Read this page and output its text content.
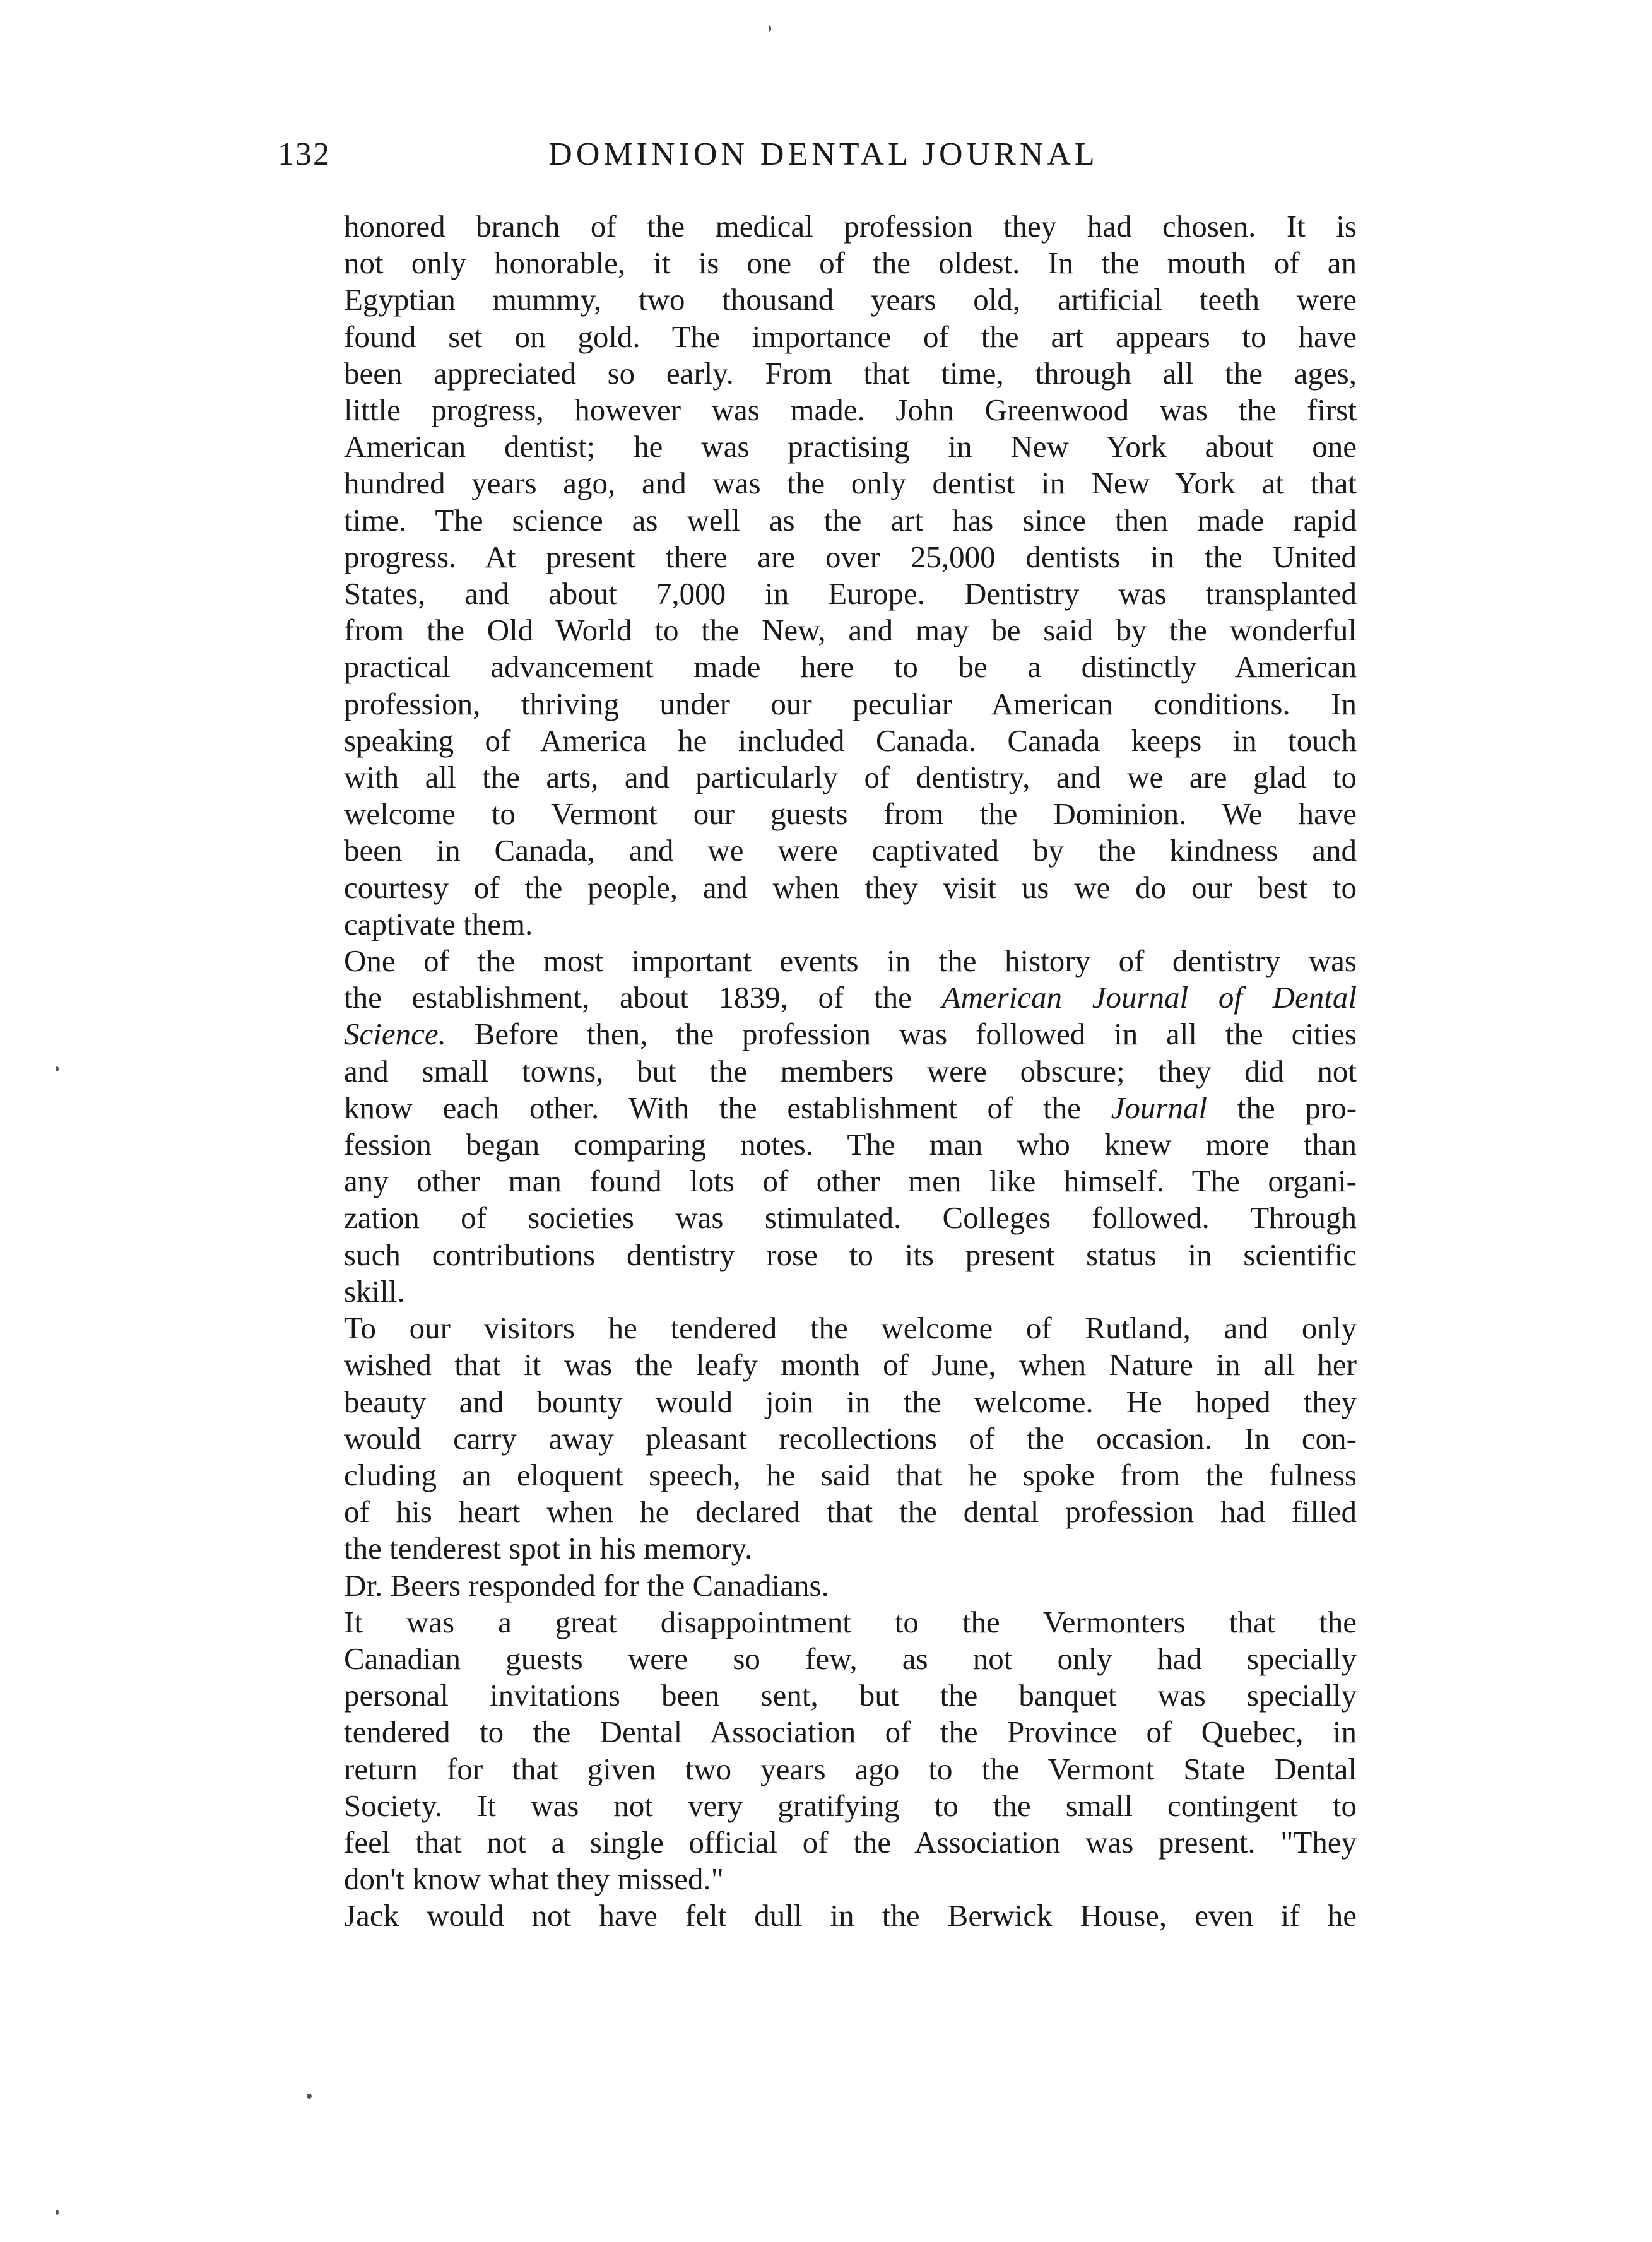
132	DOMINION DENTAL JOURNAL
honored branch of the medical profession they had chosen. It is
not only honorable, it is one of the oldest. In the mouth of an
Egyptian mummy, two thousand years old, artificial teeth were
found set on gold. The importance of the art appears to have
been appreciated so early. From that time, through all the ages,
little progress, however was made. John Greenwood was the first
American dentist; he was practising in New York about one
hundred years ago, and was the only dentist in New York at that
time. The science as well as the art has since then made rapid
progress. At present there are over 25,000 dentists in the United
States, and about 7,000 in Europe. Dentistry was transplanted
from the Old World to the New, and may be said by the wonderful
practical advancement made here to be a distinctly American
profession, thriving under our peculiar American conditions. In
speaking of America he included Canada. Canada keeps in touch
with all the arts, and particularly of dentistry, and we are glad to
welcome to Vermont our guests from the Dominion. We have
been in Canada, and we were captivated by the kindness and
courtesy of the people, and when they visit us we do our best to
captivate them.
One of the most important events in the history of dentistry was
the establishment, about 1839, of the American Journal of Dental
Science. Before then, the profession was followed in all the cities
and small towns, but the members were obscure; they did not
know each other. With the establishment of the Journal the pro-
fession began comparing notes. The man who knew more than
any other man found lots of other men like himself. The organi-
zation of societies was stimulated. Colleges followed. Through
such contributions dentistry rose to its present status in scientific
skill.
To our visitors he tendered the welcome of Rutland, and only
wished that it was the leafy month of June, when Nature in all her
beauty and bounty would join in the welcome. He hoped they
would carry away pleasant recollections of the occasion. In con-
cluding an eloquent speech, he said that he spoke from the fulness
of his heart when he declared that the dental profession had filled
the tenderest spot in his memory.
Dr. Beers responded for the Canadians.
It was a great disappointment to the Vermonters that the
Canadian guests were so few, as not only had specially
personal invitations been sent, but the banquet was specially
tendered to the Dental Association of the Province of Quebec, in
return for that given two years ago to the Vermont State Dental
Society. It was not very gratifying to the small contingent to
feel that not a single official of the Association was present. "They
don't know what they missed."
Jack would not have felt dull in the Berwick House, even if he
